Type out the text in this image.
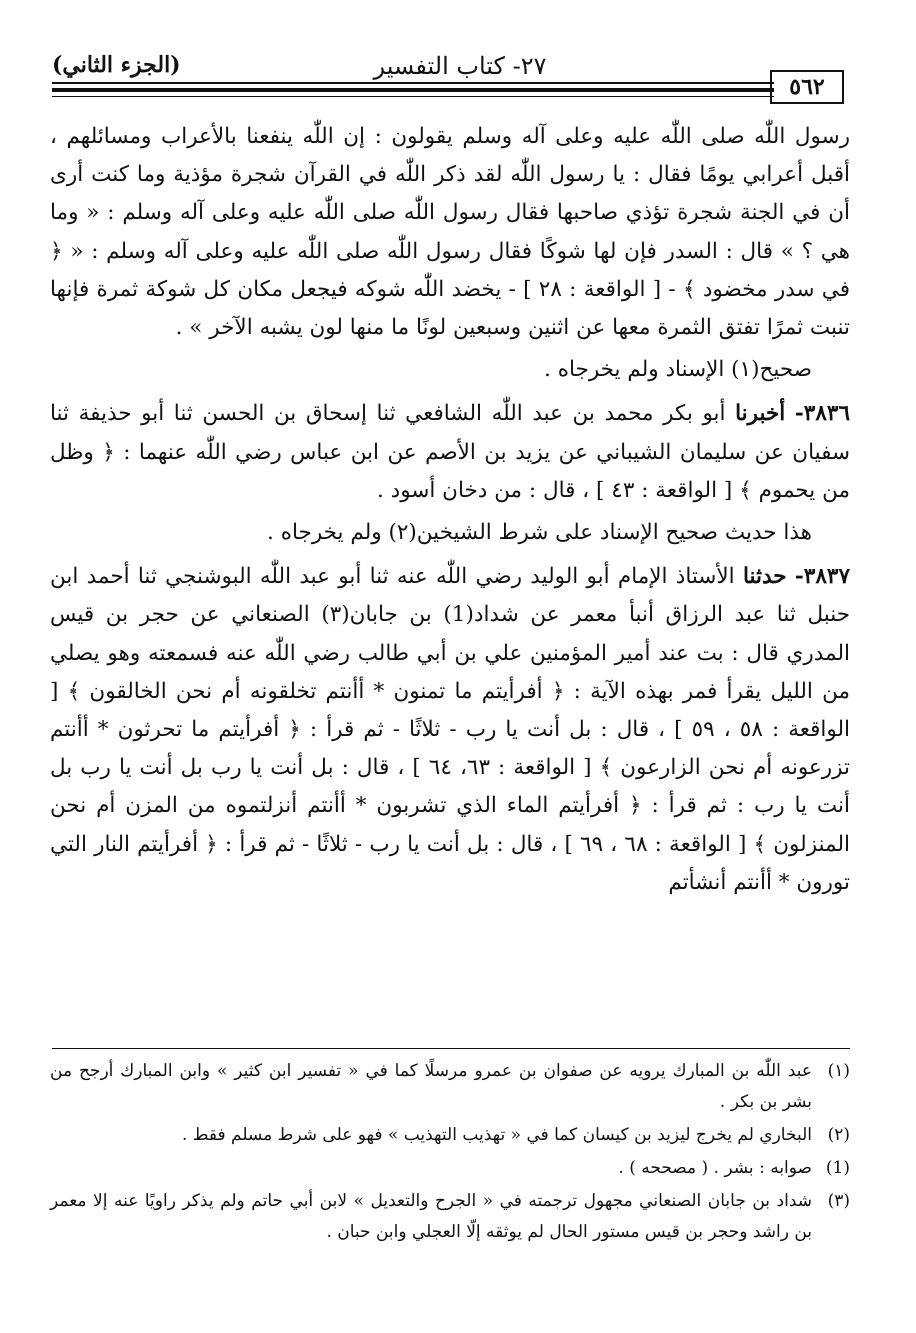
(الجزء الثاني)	٢٧- كتاب التفسير
٥٦٢

رسول اللّٰه صلى اللّٰه عليه وعلى آله وسلم يقولون : إن اللّٰه ينفعنا بالأعراب ومسائلهم ، أقبل أعرابي يومًا فقال : يا رسول اللّٰه لقد ذكر اللّٰه في القرآن شجرة مؤذية وما كنت أرى أن في الجنة شجرة تؤذي صاحبها فقال رسول اللّٰه صلى اللّٰه عليه وعلى آله وسلم : « وما هي ؟ » قال : السدر فإن لها شوكًا فقال رسول اللّٰه صلى اللّٰه عليه وعلى آله وسلم : « ﴿ في سدر مخضود ﴾ - [ الواقعة : ٢٨ ] - يخضد اللّٰه شوكه فيجعل مكان كل شوكة ثمرة فإنها تنبت ثمرًا تفتق الثمرة معها عن اثنين وسبعين لونًا ما منها لون يشبه الآخر » .

صحيح(١) الإسناد ولم يخرجاه .

٣٨٣٦- أخبرنا أبو بكر محمد بن عبد اللّٰه الشافعي ثنا إسحاق بن الحسن ثنا أبو حذيفة ثنا سفيان عن سليمان الشيباني عن يزيد بن الأصم عن ابن عباس رضي اللّٰه عنهما : ﴿ وظل من يحموم ﴾ [ الواقعة : ٤٣ ] ، قال : من دخان أسود .

هذا حديث صحيح الإسناد على شرط الشيخين(٢) ولم يخرجاه .

٣٨٣٧- حدثنا الأستاذ الإمام أبو الوليد رضي اللّٰه عنه ثنا أبو عبد اللّٰه البوشنجي ثنا أحمد ابن حنبل ثنا عبد الرزاق أنبأ معمر عن شداد(1) بن جابان(٣) الصنعاني عن حجر بن قيس المدري قال : بت عند أمير المؤمنين علي بن أبي طالب رضي اللّٰه عنه فسمعته وهو يصلي من الليل يقرأ فمر بهذه الآية : ﴿ أفرأيتم ما تمنون * أأنتم تخلقونه أم نحن الخالقون ﴾ [ الواقعة : ٥٨ ، ٥٩ ] ، قال : بل أنت يا رب - ثلاثًا - ثم قرأ : ﴿ أفرأيتم ما تحرثون * أأنتم تزرعونه أم نحن الزارعون ﴾ [ الواقعة : ٦٣، ٦٤ ] ، قال : بل أنت يا رب بل أنت يا رب بل أنت يا رب : ثم قرأ : ﴿ أفرأيتم الماء الذي تشربون * أأنتم أنزلتموه من المزن أم نحن المنزلون ﴾ [ الواقعة : ٦٨ ، ٦٩ ] ، قال : بل أنت يا رب - ثلاثًا - ثم قرأ : ﴿ أفرأيتم النار التي تورون * أأنتم أنشأتم

(١)
عبد اللّٰه بن المبارك يرويه عن صفوان بن عمرو مرسلًا كما في « تفسير ابن كثير » وابن المبارك أرجح من بشر بن بكر .
(٢)
البخاري لم يخرج ليزيد بن كيسان كما في « تهذيب التهذيب » فهو على شرط مسلم فقط .
(1)
صوابه : بشر . ( مصححه ) .
(٣)
شداد بن جابان الصنعاني مجهول ترجمته في « الجرح والتعديل » لابن أبي حاتم ولم يذكر راويًا عنه إلا معمر بن راشد وحجر بن قيس مستور الحال لم يوثقه إلّا العجلي وابن حبان .
